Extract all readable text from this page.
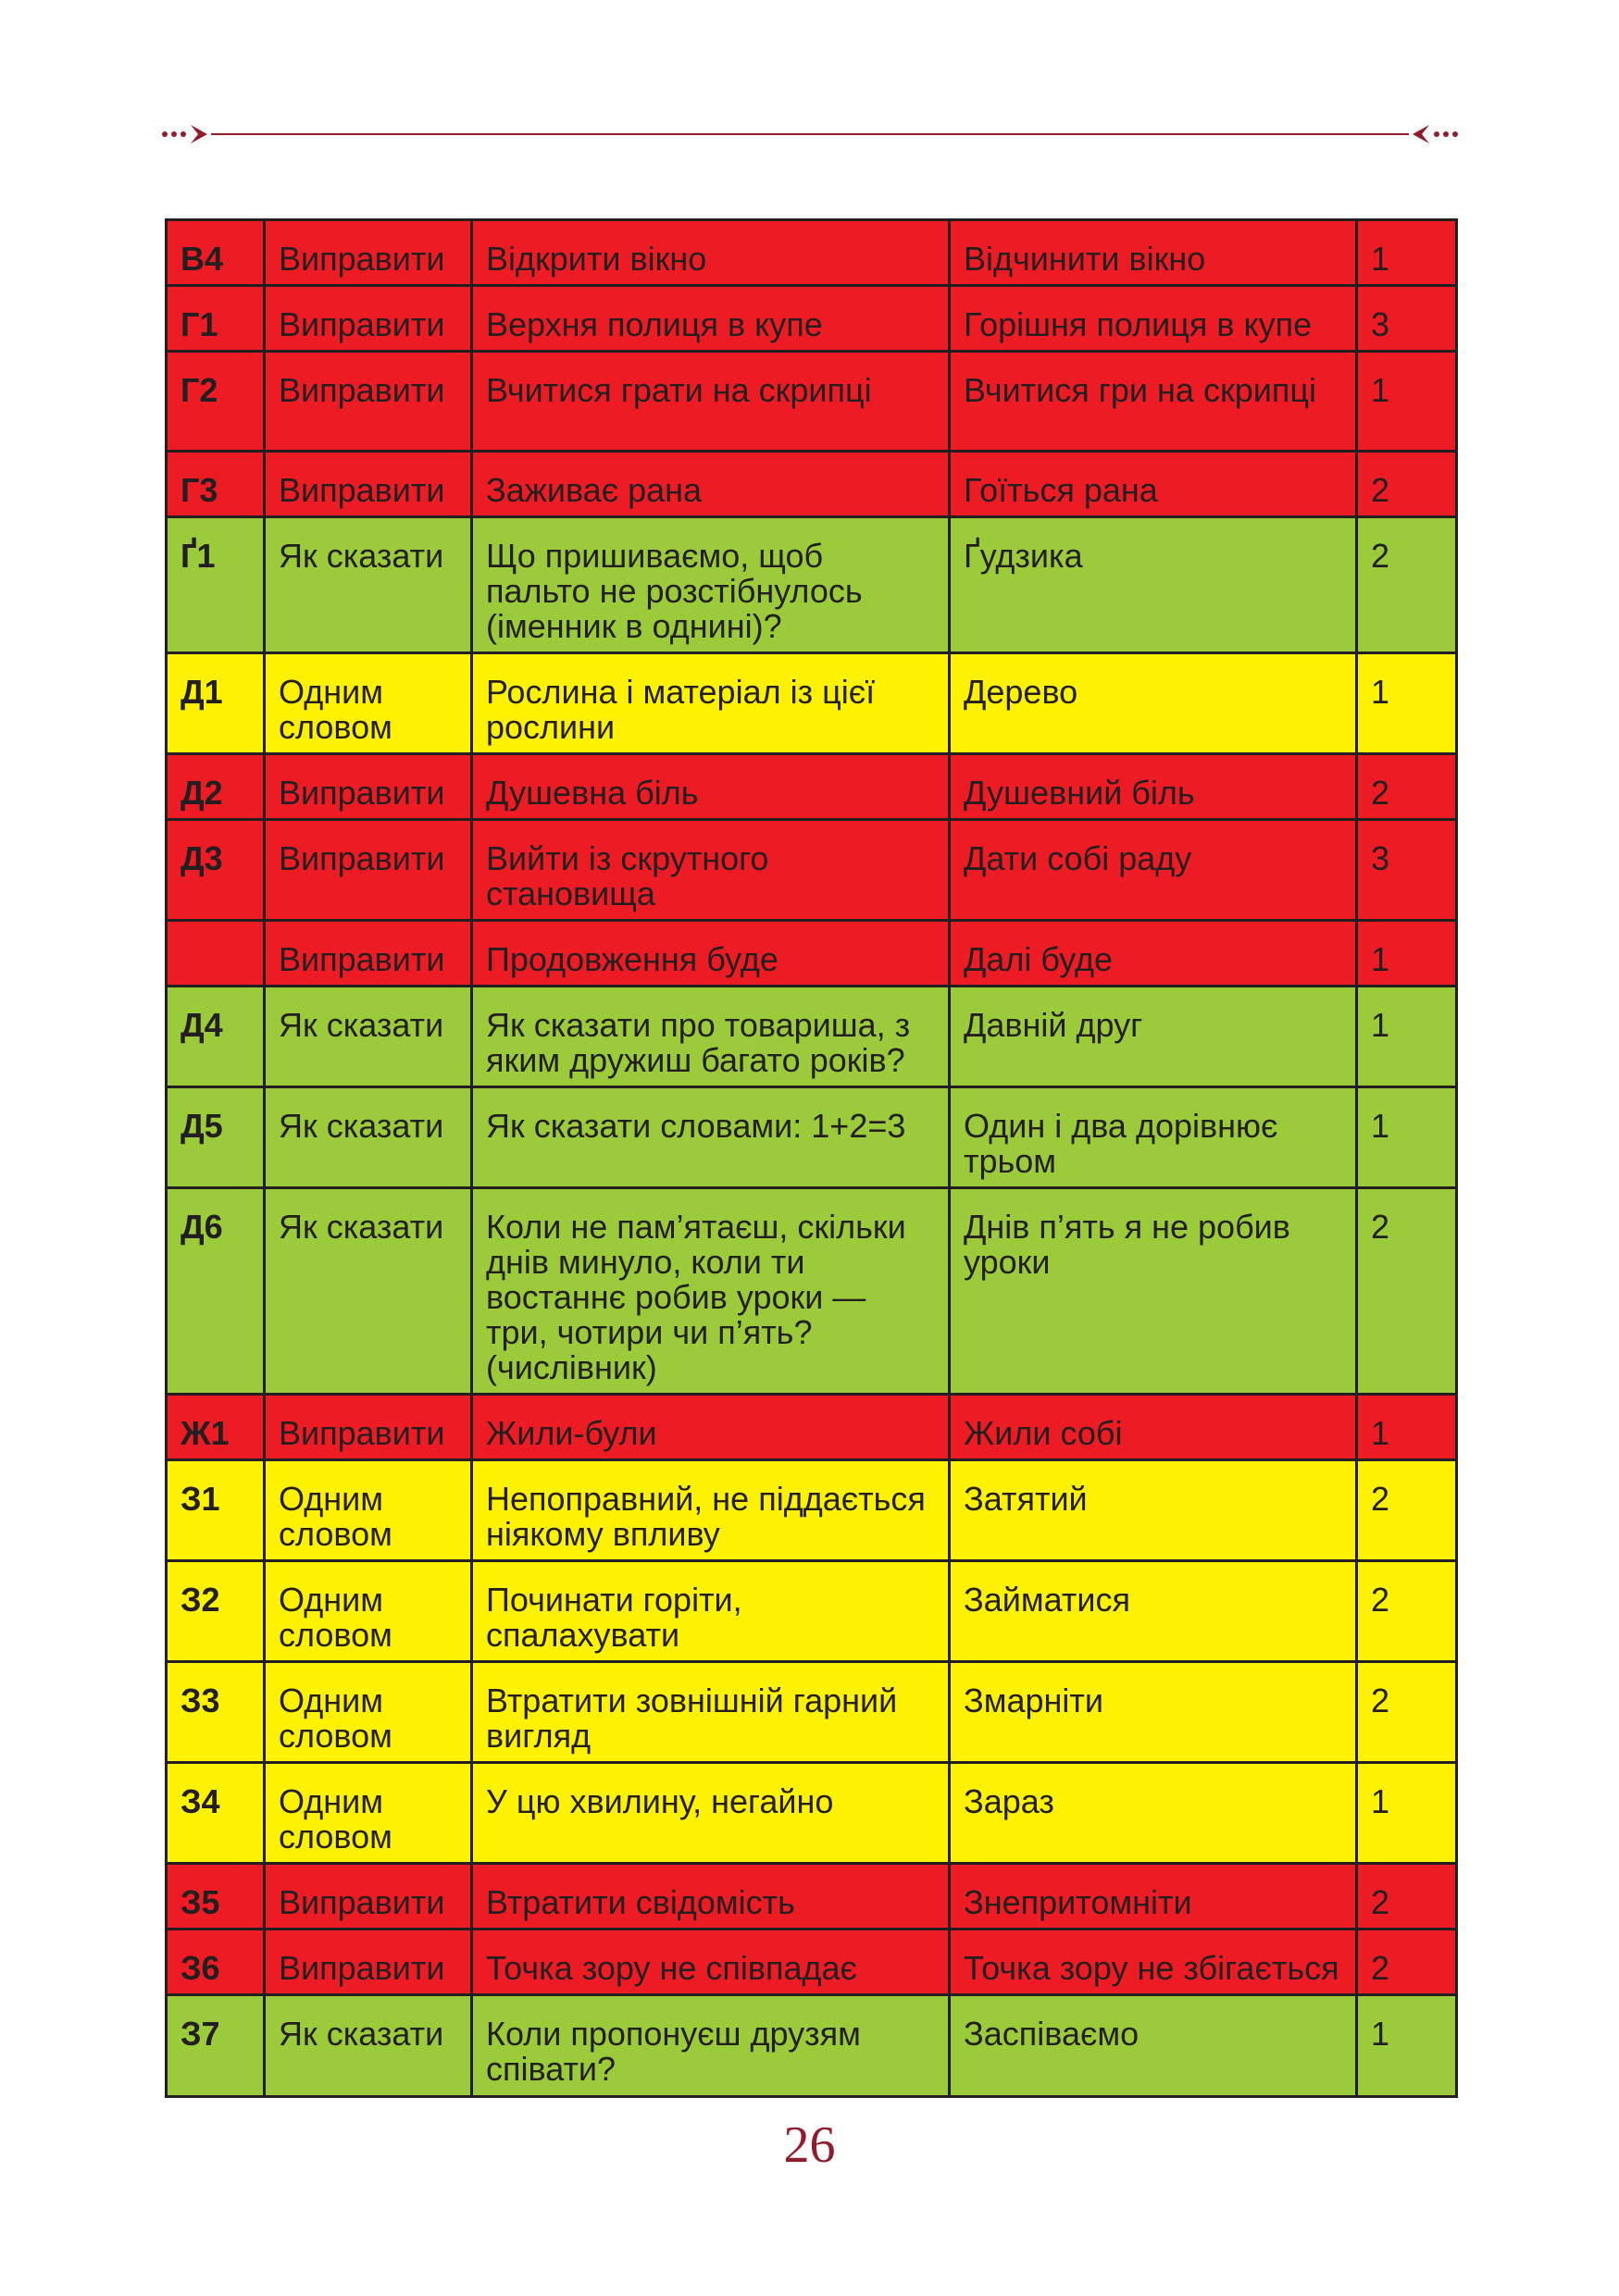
В4	Виправити	Відкрити вікно	Відчинити вікно	1
Г1	Виправити	Верхня полиця в купе	Горішня полиця в купе	3
Г2	Виправити	Вчитися грати на скрипці	Вчитися гри на скрипці	1
Г3	Виправити	Заживає рана	Гоїться рана	2
Ґ1	Як сказати	Що пришиваємо, щоб пальто не розстібнулось (іменник в однині)?	Ґудзика	2
Д1	Одним словом	Рослина і матеріал із цієї рослини	Дерево	1
Д2	Виправити	Душевна біль	Душевний біль	2
Д3	Виправити	Вийти із скрутного становища	Дати собі раду	3
	Виправити	Продовження буде	Далі буде	1
Д4	Як сказати	Як сказати про товариша, з яким дружиш багато років?	Давній друг	1
Д5	Як сказати	Як сказати словами: 1+2=3	Один і два дорівнює трьом	1
Д6	Як сказати	Коли не пам’ятаєш, скільки днів минуло, коли ти востаннє робив уроки — три, чотири чи п’ять? (числівник)	Днів п’ять я не робив уроки	2
Ж1	Виправити	Жили-були	Жили собі	1
З1	Одним словом	Непоправний, не піддається ніякому впливу	Затятий	2
З2	Одним словом	Починати горіти, спалахувати	Займатися	2
З3	Одним словом	Втратити зовнішній гарний вигляд	Змарніти	2
З4	Одним словом	У цю хвилину, негайно	Зараз	1
З5	Виправити	Втратити свідомість	Знепритомніти	2
З6	Виправити	Точка зору не співпадає	Точка зору не збігається	2
З7	Як сказати	Коли пропонуєш друзям співати?	Заспіваємо	1
26
